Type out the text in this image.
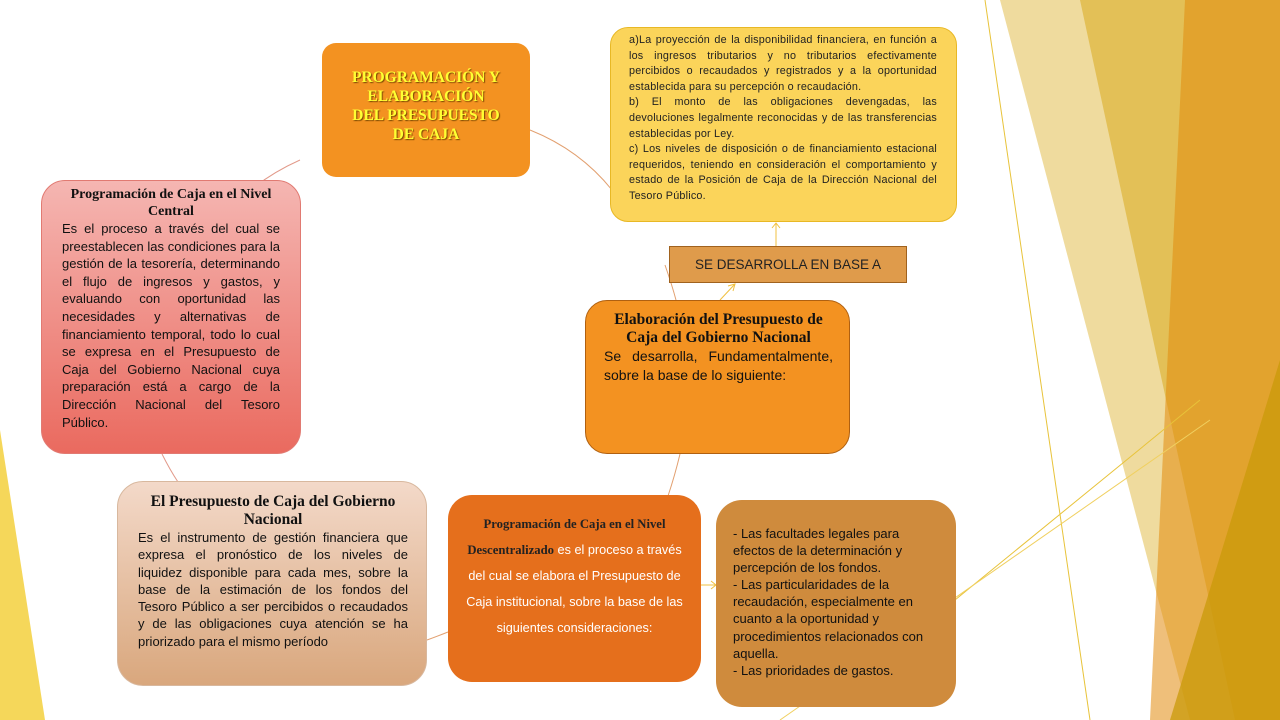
PROGRAMACIÓN Y ELABORACIÓN DEL PRESUPUESTO DE CAJA

a)La proyección de la disponibilidad financiera, en función a los ingresos tributarios y no tributarios efectivamente percibidos o recaudados y registrados y a la oportunidad establecida para su percepción o recaudación.

b) El monto de las obligaciones devengadas, las devoluciones legalmente reconocidas y de las transferencias establecidas por Ley.

c) Los niveles de disposición o de financiamiento estacional requeridos, teniendo en consideración el comportamiento y estado de la Posición de Caja de la Dirección Nacional del Tesoro Público.

SE DESARROLLA EN BASE A
Elaboración del Presupuesto de Caja del Gobierno Nacional
Se desarrolla, Fundamentalmente, sobre la base de lo siguiente:
Programación de Caja en el Nivel Central
Es el proceso a través del cual se preestablecen las condiciones para la gestión de la tesorería, determinando el flujo de ingresos y gastos, y evaluando con oportunidad las necesidades y alternativas de financiamiento temporal, todo lo cual se expresa en el Presupuesto de Caja del Gobierno Nacional cuya preparación está a cargo de la Dirección Nacional del Tesoro Público.
El Presupuesto de Caja del Gobierno Nacional
Es el instrumento de gestión financiera que expresa el pronóstico de los niveles de liquidez disponible para cada mes, sobre la base de la estimación de los fondos del Tesoro Público a ser percibidos o recaudados y de las obligaciones cuya atención se ha priorizado para el mismo período
Programación de Caja en el Nivel Descentralizado es el proceso a través del cual se elabora el Presupuesto de Caja institucional, sobre la base de las siguientes consideraciones:
- Las facultades legales para efectos de la determinación y percepción de los fondos.
- Las particularidades de la recaudación, especialmente en cuanto a la oportunidad y procedimientos relacionados con aquella.
- Las prioridades de gastos.
